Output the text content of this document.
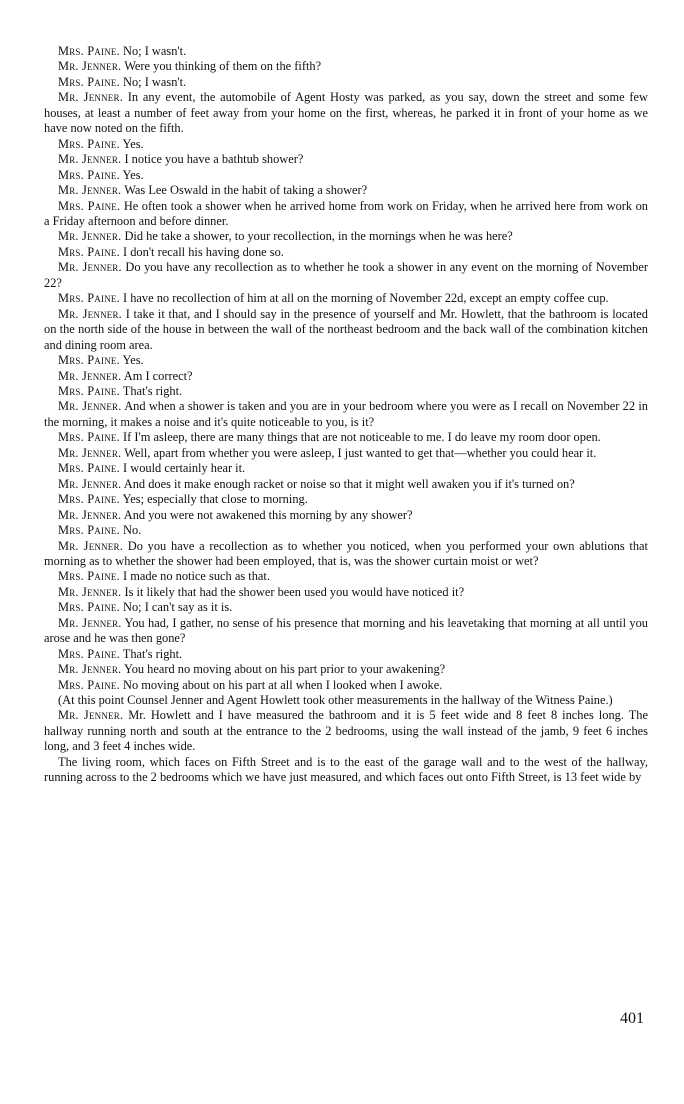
Mrs. Paine. No; I wasn't.

Mr. Jenner. Were you thinking of them on the fifth?

Mrs. Paine. No; I wasn't.

Mr. Jenner. In any event, the automobile of Agent Hosty was parked, as you say, down the street and some few houses, at least a number of feet away from your home on the first, whereas, he parked it in front of your home as we have now noted on the fifth.

Mrs. Paine. Yes.

Mr. Jenner. I notice you have a bathtub shower?

Mrs. Paine. Yes.

Mr. Jenner. Was Lee Oswald in the habit of taking a shower?

Mrs. Paine. He often took a shower when he arrived home from work on Friday, when he arrived here from work on a Friday afternoon and before dinner.

Mr. Jenner. Did he take a shower, to your recollection, in the mornings when he was here?

Mrs. Paine. I don't recall his having done so.

Mr. Jenner. Do you have any recollection as to whether he took a shower in any event on the morning of November 22?

Mrs. Paine. I have no recollection of him at all on the morning of November 22d, except an empty coffee cup.

Mr. Jenner. I take it that, and I should say in the presence of yourself and Mr. Howlett, that the bathroom is located on the north side of the house in between the wall of the northeast bedroom and the back wall of the combination kitchen and dining room area.

Mrs. Paine. Yes.

Mr. Jenner. Am I correct?

Mrs. Paine. That's right.

Mr. Jenner. And when a shower is taken and you are in your bedroom where you were as I recall on November 22 in the morning, it makes a noise and it's quite noticeable to you, is it?

Mrs. Paine. If I'm asleep, there are many things that are not noticeable to me. I do leave my room door open.

Mr. Jenner. Well, apart from whether you were asleep, I just wanted to get that—whether you could hear it.

Mrs. Paine. I would certainly hear it.

Mr. Jenner. And does it make enough racket or noise so that it might well awaken you if it's turned on?

Mrs. Paine. Yes; especially that close to morning.

Mr. Jenner. And you were not awakened this morning by any shower?

Mrs. Paine. No.

Mr. Jenner. Do you have a recollection as to whether you noticed, when you performed your own ablutions that morning as to whether the shower had been employed, that is, was the shower curtain moist or wet?

Mrs. Paine. I made no notice such as that.

Mr. Jenner. Is it likely that had the shower been used you would have noticed it?

Mrs. Paine. No; I can't say as it is.

Mr. Jenner. You had, I gather, no sense of his presence that morning and his leavetaking that morning at all until you arose and he was then gone?

Mrs. Paine. That's right.

Mr. Jenner. You heard no moving about on his part prior to your awakening?

Mrs. Paine. No moving about on his part at all when I looked when I awoke.

(At this point Counsel Jenner and Agent Howlett took other measurements in the hallway of the Witness Paine.)

Mr. Jenner. Mr. Howlett and I have measured the bathroom and it is 5 feet wide and 8 feet 8 inches long. The hallway running north and south at the entrance to the 2 bedrooms, using the wall instead of the jamb, 9 feet 6 inches long, and 3 feet 4 inches wide.

The living room, which faces on Fifth Street and is to the east of the garage wall and to the west of the hallway, running across to the 2 bedrooms which we have just measured, and which faces out onto Fifth Street, is 13 feet wide by

401
